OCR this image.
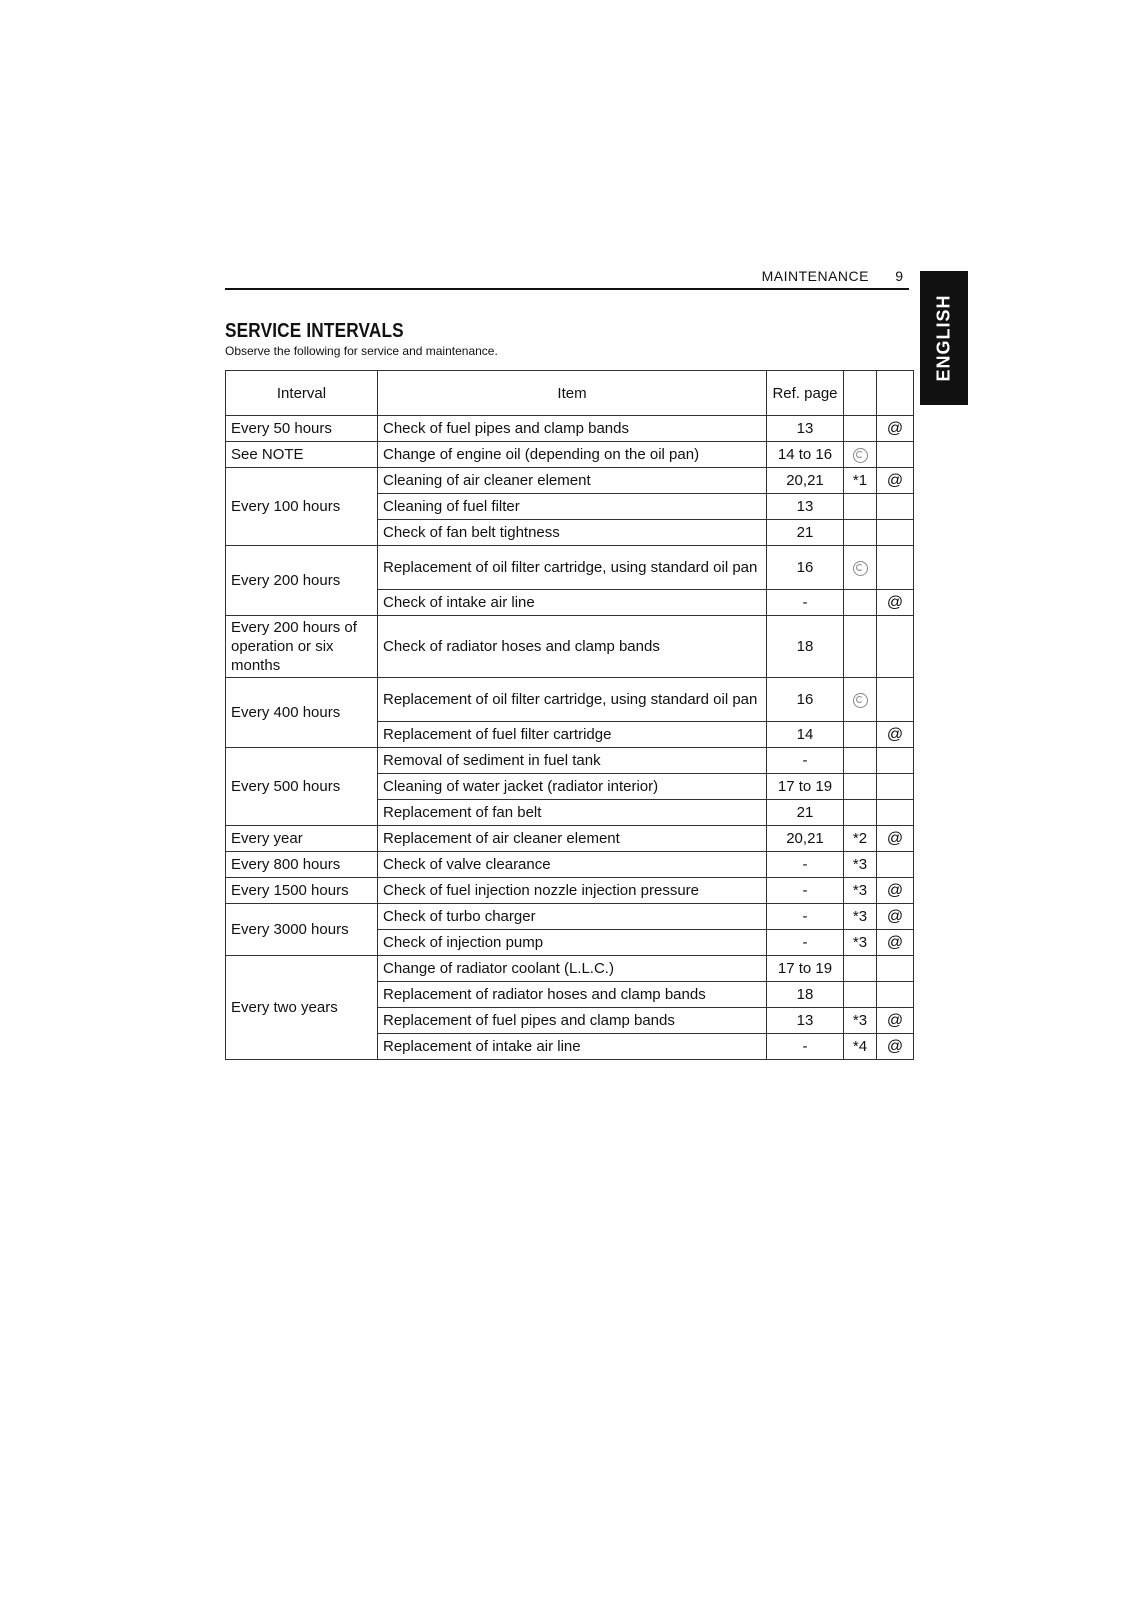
MAINTENANCE 9
ENGLISH
SERVICE INTERVALS
Observe the following for service and maintenance.
Interval	Item	Ref. page		
Every 50 hours	Check of fuel pipes and clamp bands	13		@
See NOTE	Change of engine oil (depending on the oil pan)	14 to 16		
Every 100 hours	Cleaning of air cleaner element	20,21	*1	@
	Cleaning of fuel filter	13		
	Check of fan belt tightness	21		
Every 200 hours	Replacement of oil filter cartridge, using standard oil pan	16		
	Check of intake air line	-		@
Every 200 hours of operation or six months	Check of radiator hoses and clamp bands	18		
Every 400 hours	Replacement of oil filter cartridge, using standard oil pan	16		
	Replacement of fuel filter cartridge	14		@
Every 500 hours	Removal of sediment in fuel tank	-		
	Cleaning of water jacket (radiator interior)	17 to 19		
	Replacement of fan belt	21		
Every year	Replacement of air cleaner element	20,21	*2	@
Every 800 hours	Check of valve clearance	-	*3	
Every 1500 hours	Check of fuel injection nozzle injection pressure	-	*3	@
Every 3000 hours	Check of turbo charger	-	*3	@
	Check of injection pump	-	*3	@
Every two years	Change of radiator coolant (L.L.C.)	17 to 19		
	Replacement of radiator hoses and clamp bands	18		
	Replacement of fuel pipes and clamp bands	13	*3	@
	Replacement of intake air line	-	*4	@
